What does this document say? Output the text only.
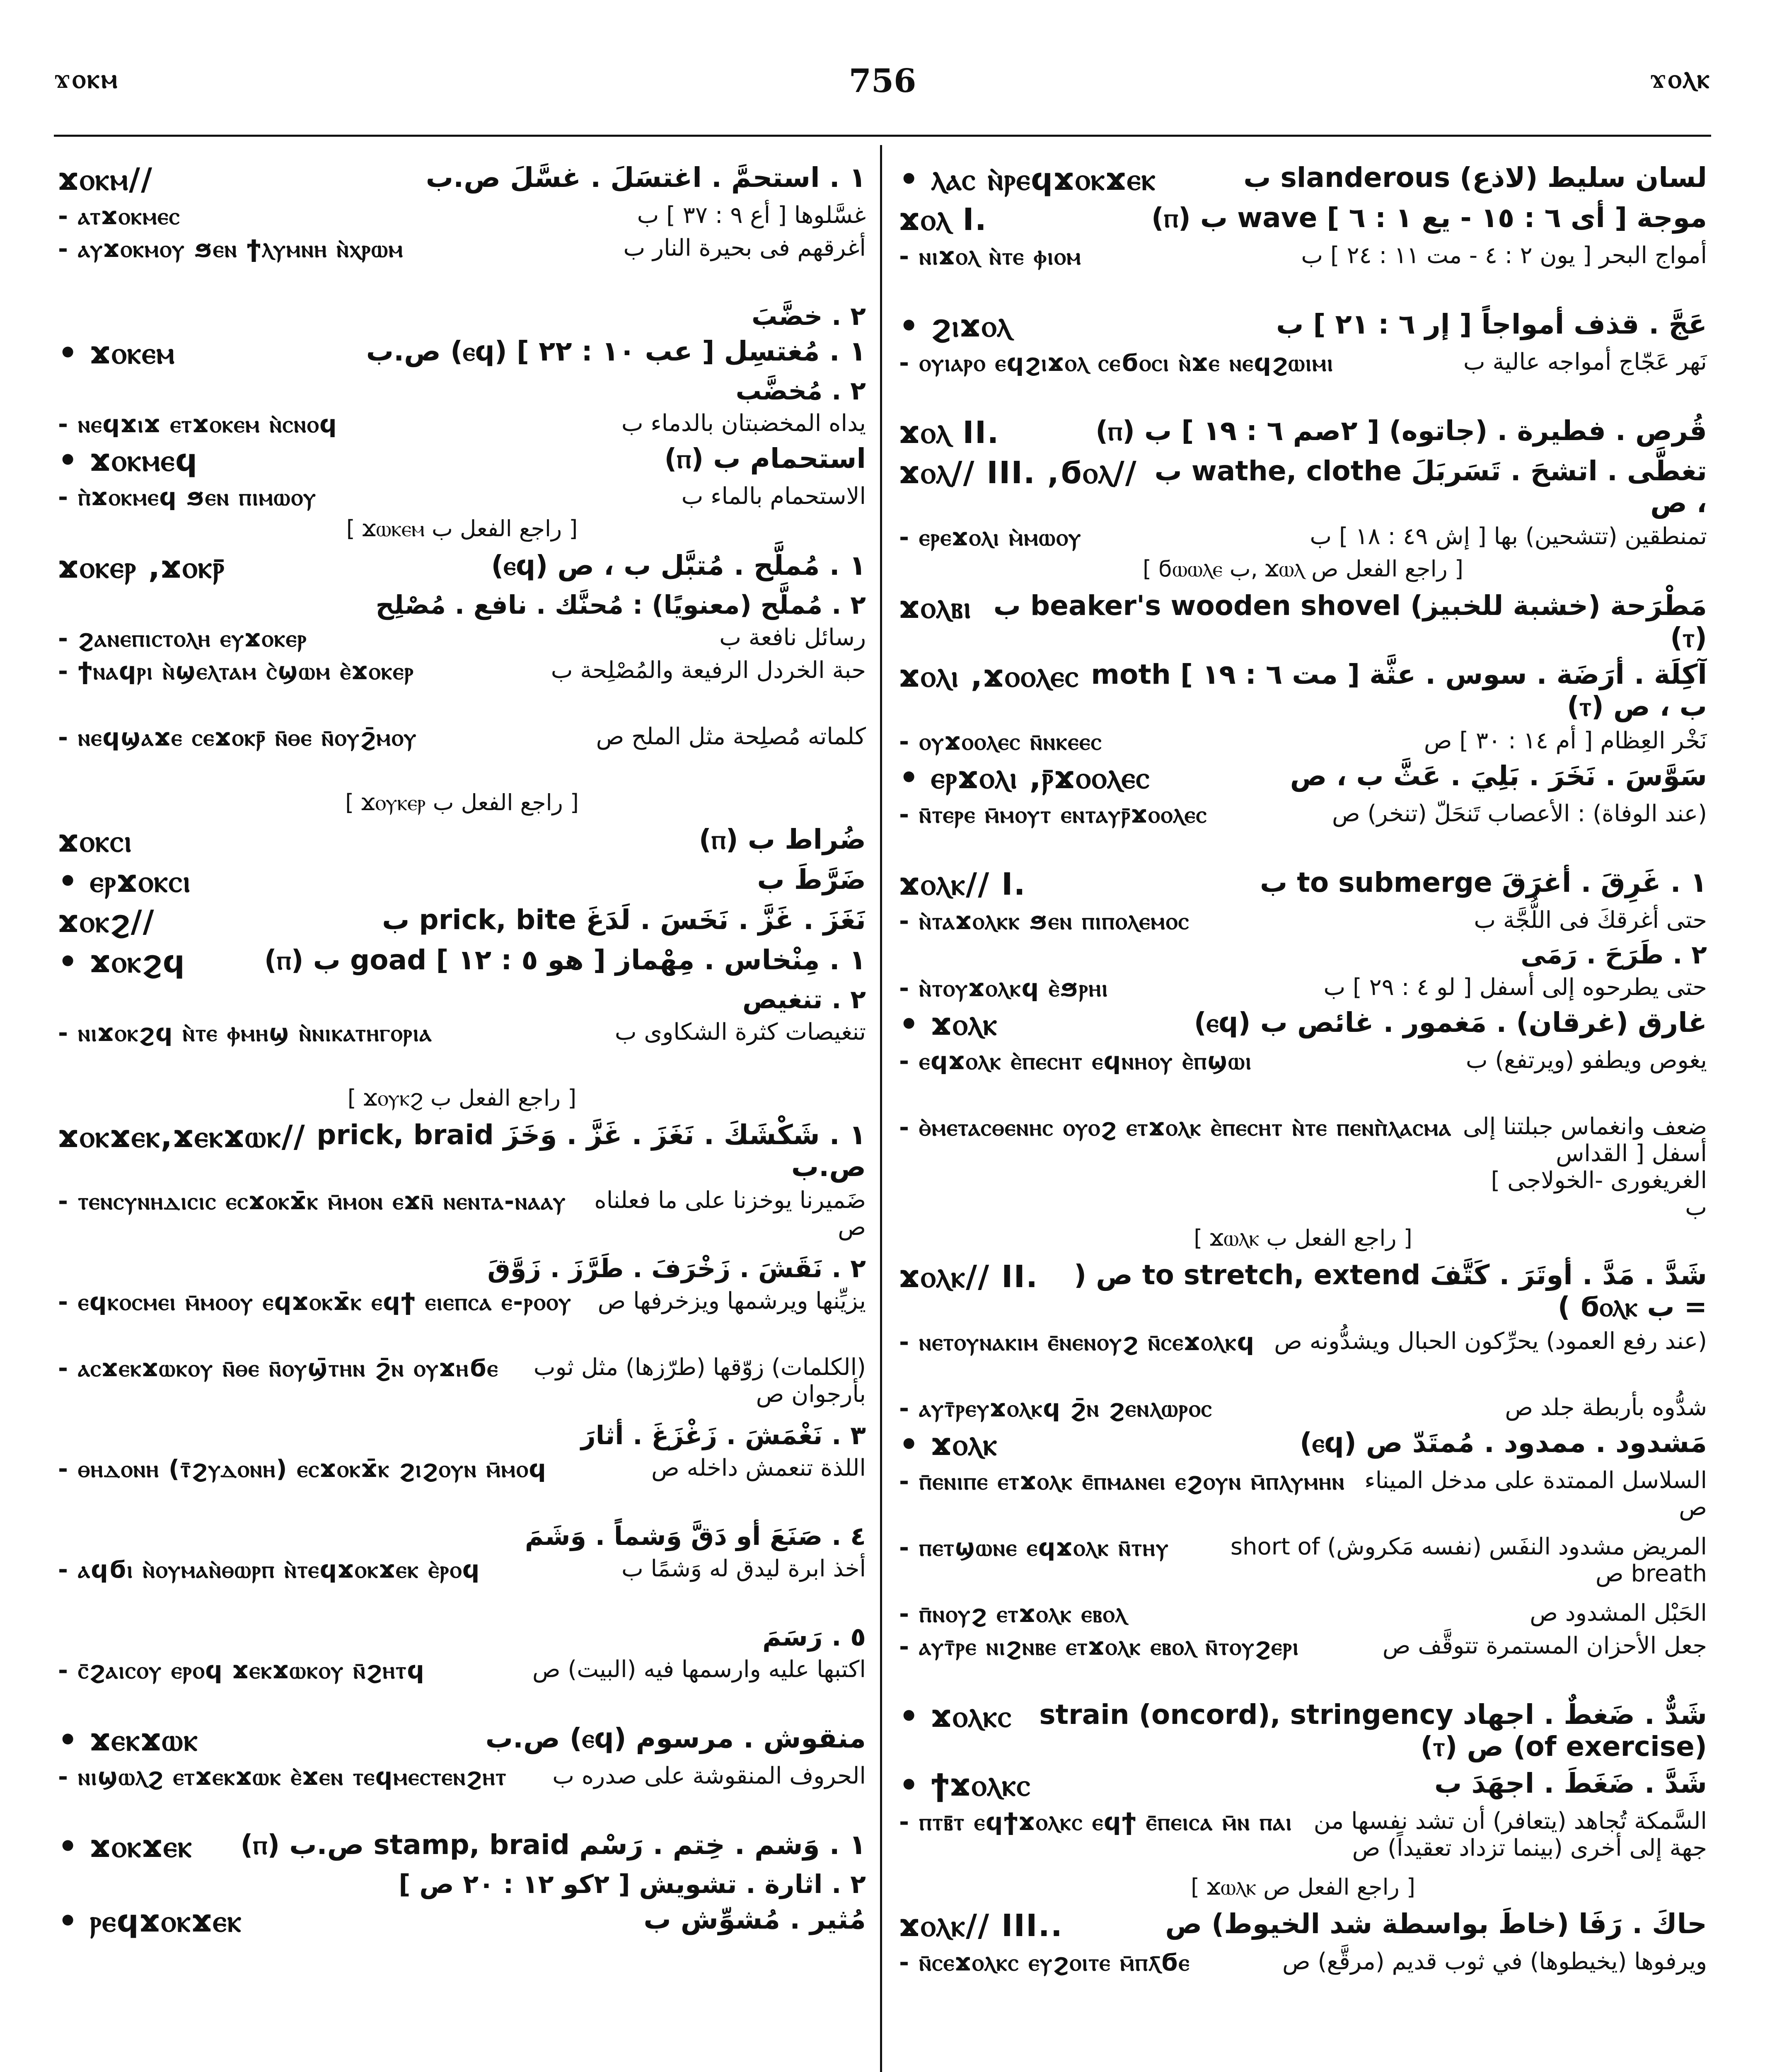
ϫⲟⲕⲙ	756	ϫⲟⲗⲕ
ϫⲟⲕⲙ//	١ . استحمَّ . اغتسَلَ . غسَّلَ ص.ب
- ⲁⲧϫⲟⲕⲙⲉⲥ	غسَّلوها [ أع ٩ : ٣٧ ] ب
- ⲁⲩϫⲟⲕⲙⲟⲩ ϧⲉⲛ ϯⲗⲩⲙⲛⲏ ⲛ̀ⲭⲣⲱⲙ	أغرقهم فى بحيرة النار ب
٢ . خضَّبَ
• ϫⲟⲕⲉⲙ	١ . مُغتسِل [ عب ١٠ : ٢٢ ] (ⲉϥ) ص.ب
٢ . مُخضَّب
- ⲛⲉϥϫⲓϫ ⲉⲧϫⲟⲕⲉⲙ ⲛ̀ⲥⲛⲟϥ	يداه المخضبتان بالدماء ب
• ϫⲟⲕⲙⲉϥ	استحمام ب (ⲡ)
- ⲡ̀ϫⲟⲕⲙⲉϥ ϧⲉⲛ ⲡⲓⲙⲱⲟⲩ	الاستحمام بالماء ب
[ راجع الفعل ب ϫⲱⲕⲉⲙ ]
ϫⲟⲕⲉⲣ ,ϫⲟⲕⲣ̄	١ . مُملَّح . مُتبَّل ب ، ص (ⲉϥ)
٢ . مُملَّح (معنويًا) : مُحنَّك . نافع . مُصْلِح
- ϩⲁⲛⲉⲡⲓⲥⲧⲟⲗⲏ ⲉⲩϫⲟⲕⲉⲣ	رسائل نافعة ب
- ϯⲛⲁϥⲣⲓ ⲛ̀ϣⲉⲗⲧⲁⲙ ⲥ̀ϣⲱⲙ ⲉ̀ϫⲟⲕⲉⲣ	حبة الخردل الرفيعة والمُصْلِحة ب
- ⲛⲉϥϣⲁϫⲉ ⲥⲉϫⲟⲕⲣ̄ ⲛ̄ⲑⲉ ⲛ̄ⲟⲩϩ̄ⲙⲟⲩ	كلماته مُصلِحة مثل الملح ص
[ راجع الفعل ب ϫⲟⲩⲕⲉⲣ ]
ϫⲟⲕⲥⲓ	ضُراط ب (ⲡ)
• ⲉⲣϫⲟⲕⲥⲓ	ضَرَّطَ ب
ϫⲟⲕϩ//	نَغَزَ . غَزَّ . نَخَسَ . لَدَغَ prick, bite ب
• ϫⲟⲕϩϥ	١ . مِنْخاس . مِهْماز [ هو ٥ : ١٢ ] goad ب (ⲡ)
٢ . تنغيص
- ⲛⲓϫⲟⲕϩϥ ⲛ̀ⲧⲉ ⲫⲙⲏϣ ⲛ̀ⲛⲓⲕⲁⲧⲏⲅⲟⲣⲓⲁ	تنغيصات كثرة الشكاوى ب
[ راجع الفعل ب ϫⲟⲩⲕϩ ]
ϫⲟⲕϫⲉⲕ,ϫⲉⲕϫⲱⲕ// ١ . شَكْشَكَ . نَغَزَ . غَزَّ . وَخَزَ prick, braid ص.ب
- ⲧⲉⲛⲥⲩⲛⲏⲇⲓⲥⲓⲥ ⲉⲥϫⲟⲕϫ̄ⲕ ⲙ̄ⲙⲟⲛ ⲉϫⲛ̄ ⲛⲉⲛⲧⲁ-ⲛⲁⲁⲩ	ضَميرنا يوخزنا على ما فعلناه ص
٢ . نَقَشَ . زَخْرَفَ . طَرَّزَ . زَوَّقَ
- ⲉϥⲕⲟⲥⲙⲉⲓ ⲙ̄ⲙⲟⲟⲩ ⲉϥϫⲟⲕϫ̄ⲕ ⲉϥϯ ⲉⲓⲉⲡⲥⲁ ⲉ-ⲣⲟⲟⲩ	يزيِّنها ويرشمها ويزخرفها ص
- ⲁⲥϫⲉⲕϫⲱⲕⲟⲩ ⲛ̄ⲑⲉ ⲛ̄ⲟⲩϣ̄ⲧⲏⲛ ϩ̄ⲛ ⲟⲩϫⲏϭⲉ	(الكلمات) زوّقها (طرّزها) مثل ثوب بأرجوان ص
٣ . نَغْمَشَ . زَغْزَغَ . أثارَ
- ⲑⲏⲇⲟⲛⲏ (ⲧ̄ϩⲩⲇⲟⲛⲏ) ⲉⲥϫⲟⲕϫ̄ⲕ ϩⲓϩⲟⲩⲛ ⲙ̄ⲙⲟϥ	اللذة تنعمش داخله ص
٤ . صَنَعَ أو دَقَّ وَشماً . وَشَمَ
- ⲁϥϭⲓ ⲛ̀ⲟⲩⲙⲁⲛ̀ⲑⲱⲣⲡ ⲛ̀ⲧⲉϥϫⲟⲕϫⲉⲕ ⲉ̀ⲣⲟϥ	أخذ ابرة ليدق له وَشمًا ب
٥ . رَسَمَ
- ⲥ̄ϩⲁⲓⲥⲟⲩ ⲉⲣⲟϥ ϫⲉⲕϫⲱⲕⲟⲩ ⲛ̄ϩⲏⲧϥ	اكتبها عليه وارسمها فيه (البيت) ص
• ϫⲉⲕϫⲱⲕ	منقوش . مرسوم (ⲉϥ) ص.ب
- ⲛⲓϣⲱⲗϩ ⲉⲧϫⲉⲕϫⲱⲕ ⲉ̀ϫⲉⲛ ⲧⲉϥⲙⲉⲥⲧⲉⲛϩⲏⲧ	الحروف المنقوشة على صدره ب
• ϫⲟⲕϫⲉⲕ	١ . وَشم . خِتم . رَسْم stamp, braid ص.ب (ⲡ)
٢ . اثارة . تشويش [ ٢كو ١٢ : ٢٠ ص ]
• ⲣⲉϥϫⲟⲕϫⲉⲕ	مُثير . مُشوِّش ب
• ⲗⲁⲥ ⲛ̀ⲣⲉϥϫⲟⲕϫⲉⲕ	لسان سليط (لاذع) slanderous ب
ϫⲟⲗ I.	موجة [ أى ٦ : ١٥ - يع ١ : ٦ ] wave ب (ⲡ)
- ⲛⲓϫⲟⲗ ⲛ̀ⲧⲉ ⲫⲓⲟⲙ	أمواج البحر [ يون ٢ : ٤ - مت ١١ : ٢٤ ] ب
• ϩⲓϫⲟⲗ	عَجَّ . قذف أمواجاً [ إر ٦ : ٢١ ] ب
- ⲟⲩⲓⲁⲣⲟ ⲉϥϩⲓϫⲟⲗ ⲥⲉϭⲟⲥⲓ ⲛ̀ϫⲉ ⲛⲉϥϩⲱⲓⲙⲓ	نَهر عَجّاج أمواجه عالية ب
ϫⲟⲗ II.	قُرص . فطيرة . (جاتوه) [ ٢صم ٦ : ١٩ ] ب (ⲡ)
ϫⲟⲗ// III. ,ϭⲟⲗ// تغطَّى . اتشحَ . تَسَربَلَ wathe, clothe ب ، ص
- ⲉⲣⲉϫⲟⲗⲓ ⲙ̀ⲙⲱⲟⲩ	تمنطقين (تتشحين) بها [ إش ٤٩ : ١٨ ] ب
[ راجع الفعل ص ϫⲱⲗ ,ب ϭⲱⲱⲗⲉ ]
ϫⲟⲗⲃⲓ مَطْرَحة (خشبة للخبيز) beaker's wooden shovel ب (ⲧ)
ϫⲟⲗⲓ ,ϫⲟⲟⲗⲉⲥ آكِلَة . أرَضَة . سوس . عثَّة [ مت ٦ : ١٩ ] moth ب ، ص (ⲧ)
- ⲟⲩϫⲟⲟⲗⲉⲥ ⲛ̄ⲛⲕⲉⲉⲥ	نَخْر العِظام [ أم ١٤ : ٣٠ ] ص
• ⲉⲣϫⲟⲗⲓ ,ⲣ̄ϫⲟⲟⲗⲉⲥ	سَوَّسَ . نَخَرَ . بَلِيَ . عَثَّ ب ، ص
- ⲛ̄ⲧⲉⲣⲉ ⲙ̄ⲙⲟⲩⲧ ⲉⲛⲧⲁⲩⲣ̄ϫⲟⲟⲗⲉⲥ	(عند الوفاة) : الأعصاب تَنحَلّ (تنخر) ص
ϫⲟⲗⲕ// I.	١ . غَرِقَ . أغرَقَ to submerge ب
- ⲛ̀ⲧⲁϫⲟⲗⲕⲕ ϧⲉⲛ ⲡⲓⲡⲟⲗⲉⲙⲟⲥ	حتى أغرقكَ فى اللُّجَّة ب
٢ . طَرَحَ . رَمَى
- ⲛ̀ⲧⲟⲩϫⲟⲗⲕϥ ⲉ̀ϧⲣⲏⲓ	حتى يطرحوه إلى أسفل [ لو ٤ : ٢٩ ] ب
• ϫⲟⲗⲕ	غارق (غرقان) . مَغمور . غائص ب (ⲉϥ)
- ⲉϥϫⲟⲗⲕ ⲉ̀ⲡⲉⲥⲏⲧ ⲉϥⲛⲏⲟⲩ ⲉ̀ⲡϣⲱⲓ	يغوص ويطفو (ويرتفع) ب
- ⲑ̀ⲙⲉⲧⲁⲥⲑⲉⲛⲏⲥ ⲟⲩⲟϩ ⲉⲧϫⲟⲗⲕ ⲉ̀ⲡⲉⲥⲏⲧ ⲛ̀ⲧⲉ ⲡⲉⲛⲡ̀ⲗⲁⲥⲙⲁ ضعف وانغماس جبلتنا إلى أسفل [ القداس الغريغورى -الخولاجى ] ب
[ راجع الفعل ب ϫⲱⲗⲕ ]
ϫⲟⲗⲕ// II.	شَدَّ . مَدَّ . أوتَرَ . كَتَّفَ to stretch, extend ص ( = ب ϭⲟⲗⲕ )
- ⲛⲉⲧⲟⲩⲛⲁⲕⲓⲙ ⲉ̄ⲛⲉⲛⲟⲩϩ ⲛ̄ⲥⲉϫⲟⲗⲕϥ (عند رفع العمود) يحرِّكون الحبال ويشدُّونه ص
- ⲁⲩⲧ̄ⲣⲉⲩϫⲟⲗⲕϥ ϩ̄ⲛ ϩⲉⲛⲗⲱⲣⲟⲥ	شدُّوه بأربطة جلد ص
• ϫⲟⲗⲕ	مَشدود . ممدود . مُمتَدّ ص (ⲉϥ)
- ⲡ̄ⲉⲛⲓⲡⲉ ⲉⲧϫⲟⲗⲕ ⲉ̄ⲡⲙⲁⲛⲉⲓ ⲉϩⲟⲩⲛ ⲙ̄ⲡⲗⲩⲙⲏⲛ السلاسل الممتدة على مدخل الميناء ص
- ⲡⲉⲧϣⲱⲛⲉ ⲉϥϫⲟⲗⲕ ⲛ̄ⲧⲏⲩ	المريض مشدود النفَس (نفسه مَكروش) short of breath ص
- ⲡ̄ⲛⲟⲩϩ ⲉⲧϫⲟⲗⲕ ⲉⲃⲟⲗ	الحَبْل المشدود ص
- ⲁⲩⲧ̄ⲣⲉ ⲛⲓϩⲛⲃⲉ ⲉⲧϫⲟⲗⲕ ⲉⲃⲟⲗ ⲛ̄ⲧⲟⲩϩⲉⲣⲓ	جعل الأحزان المستمرة تتوقَّف ص
• ϫⲟⲗⲕⲥ شَدٌّ . ضَغطٌ . اجهاد strain (oncord), stringency (of exercise) ص (ⲧ)
• ϯϫⲟⲗⲕⲥ	شَدَّ . ضَغَطَ . اجهَدَ ب
- ⲡⲧⲃ̄ⲧ ⲉϥϯϫⲟⲗⲕⲥ ⲉϥϯ ⲉ̄ⲡⲉⲓⲥⲁ ⲙ̄ⲛ ⲡⲁⲓ السَّمكة تُجاهد (يتعافر) أن تشد نفسها من جهة إلى أخرى (بينما تزداد تعقيداً) ص
[ راجع الفعل ص ϫⲱⲗⲕ ]
ϫⲟⲗⲕ// III..	حاكَ . رَفَا (خاطَ بواسطة شد الخيوط) ص
- ⲛ̄ⲥⲉϫⲟⲗⲕⲥ ⲉⲩϩⲟⲓⲧⲉ ⲙ̄ⲡⲗ̄ϭⲉ	ويرفوها (يخيطوها) في ثوب قديم (مرقَّع) ص
